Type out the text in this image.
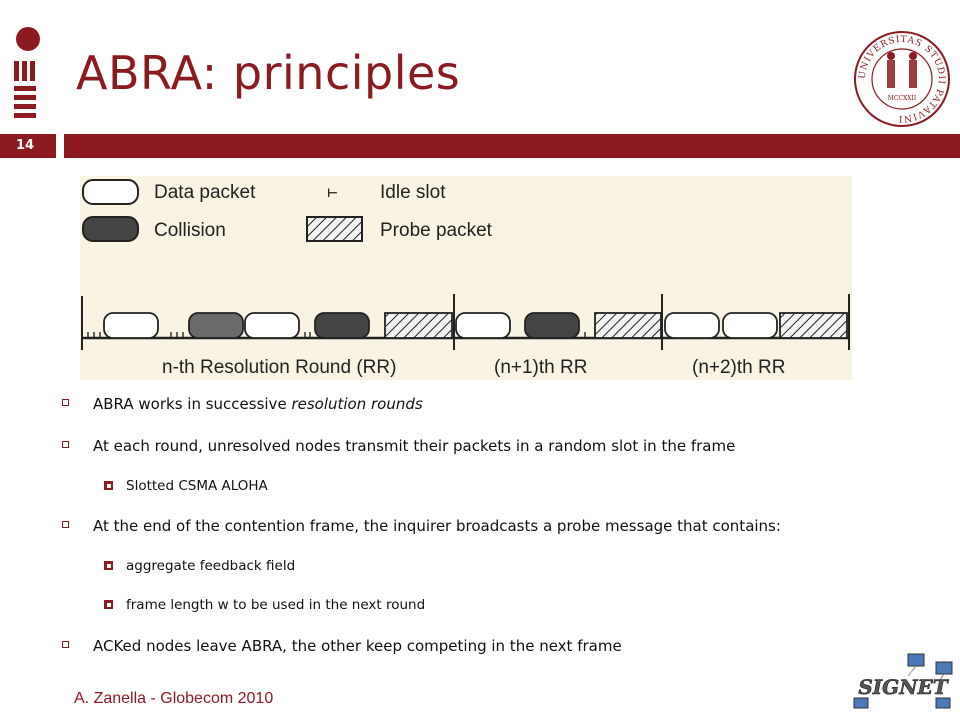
ABRA: principles	UNIVERSITAS STUDII PATAVINI
MCCXXII
14
Data packet	⊢ Idle slot
Collision	Probe packet
n-th Resolution Round (RR)	(n+1)th RR	(n+2)th RR
ABRA works in successive resolution rounds
At each round, unresolved nodes transmit their packets in a random slot in the frame
Slotted CSMA ALOHA
At the end of the contention frame, the inquirer broadcasts a probe message that contains:
aggregate feedback field
frame length w to be used in the next round
ACKed nodes leave ABRA, the other keep competing in the next frame
A. Zanella - Globecom 2010	SIGNET
